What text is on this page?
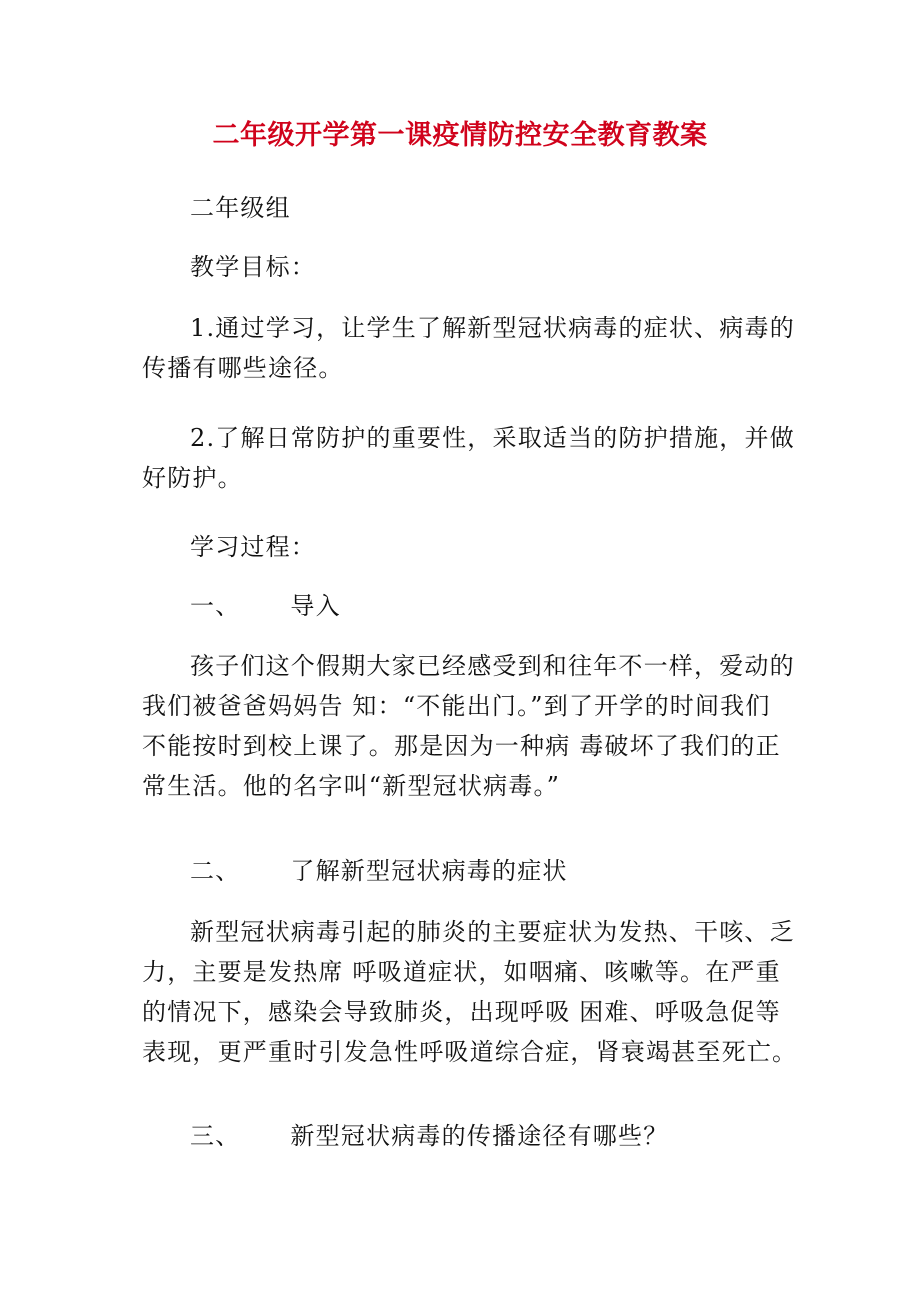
二年级开学第一课疫情防控安全教育教案
二年级组
教学目标：
1.通过学习，让学生了解新型冠状病毒的症状、病毒的
传播有哪些途径。
2.了解日常防护的重要性，采取适当的防护措施，并做
好防护。
学习过程：
一、 导入
孩子们这个假期大家已经感受到和往年不一样，爱动的
我们被爸爸妈妈告 知：“不能出门。”到了开学的时间我们
不能按时到校上课了。那是因为一种病 毒破坏了我们的正
常生活。他的名字叫“新型冠状病毒。”
二、 了解新型冠状病毒的症状
新型冠状病毒引起的肺炎的主要症状为发热、干咳、乏
力，主要是发热席 呼吸道症状，如咽痛、咳嗽等。在严重
的情况下，感染会导致肺炎，出现呼吸 困难、呼吸急促等
表现，更严重时引发急性呼吸道综合症，肾衰竭甚至死亡。
三、 新型冠状病毒的传播途径有哪些？
